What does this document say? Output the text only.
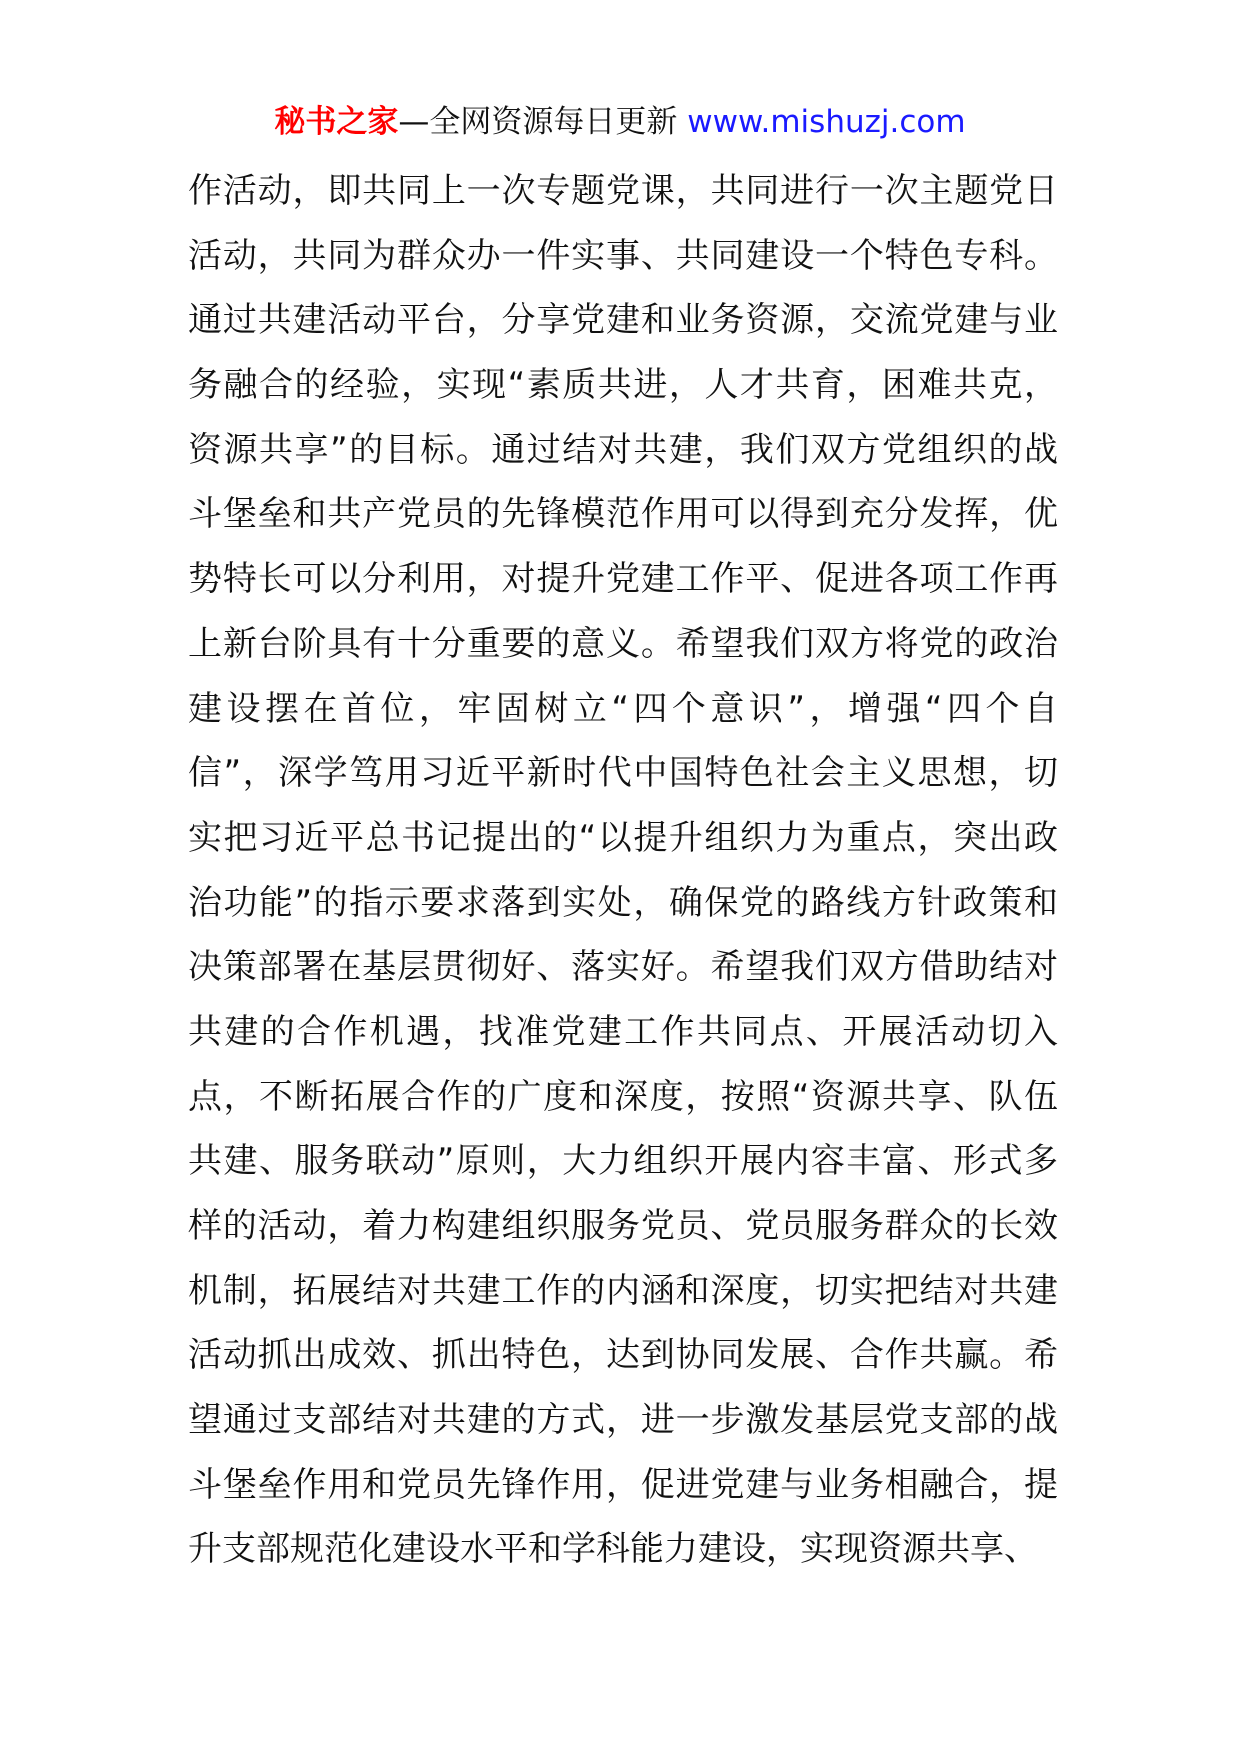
秘书之家—全网资源每日更新 www.mishuzj.com
作活动，即共同上一次专题党课，共同进行一次主题党日
活动，共同为群众办一件实事、共同建设一个特色专科。
通过共建活动平台，分享党建和业务资源，交流党建与业
务融合的经验，实现“素质共进，人才共育，困难共克，
资源共享”的目标。通过结对共建，我们双方党组织的战
斗堡垒和共产党员的先锋模范作用可以得到充分发挥，优
势特长可以分利用，对提升党建工作平、促进各项工作再
上新台阶具有十分重要的意义。希望我们双方将党的政治
建设摆在首位，牢固树立“四个意识”，增强“四个自
信”，深学笃用习近平新时代中国特色社会主义思想，切
实把习近平总书记提出的“以提升组织力为重点，突出政
治功能”的指示要求落到实处，确保党的路线方针政策和
决策部署在基层贯彻好、落实好。希望我们双方借助结对
共建的合作机遇，找准党建工作共同点、开展活动切入
点，不断拓展合作的广度和深度，按照“资源共享、队伍
共建、服务联动”原则，大力组织开展内容丰富、形式多
样的活动，着力构建组织服务党员、党员服务群众的长效
机制，拓展结对共建工作的内涵和深度，切实把结对共建
活动抓出成效、抓出特色，达到协同发展、合作共赢。希
望通过支部结对共建的方式，进一步激发基层党支部的战
斗堡垒作用和党员先锋作用，促进党建与业务相融合，提
升支部规范化建设水平和学科能力建设，实现资源共享、
